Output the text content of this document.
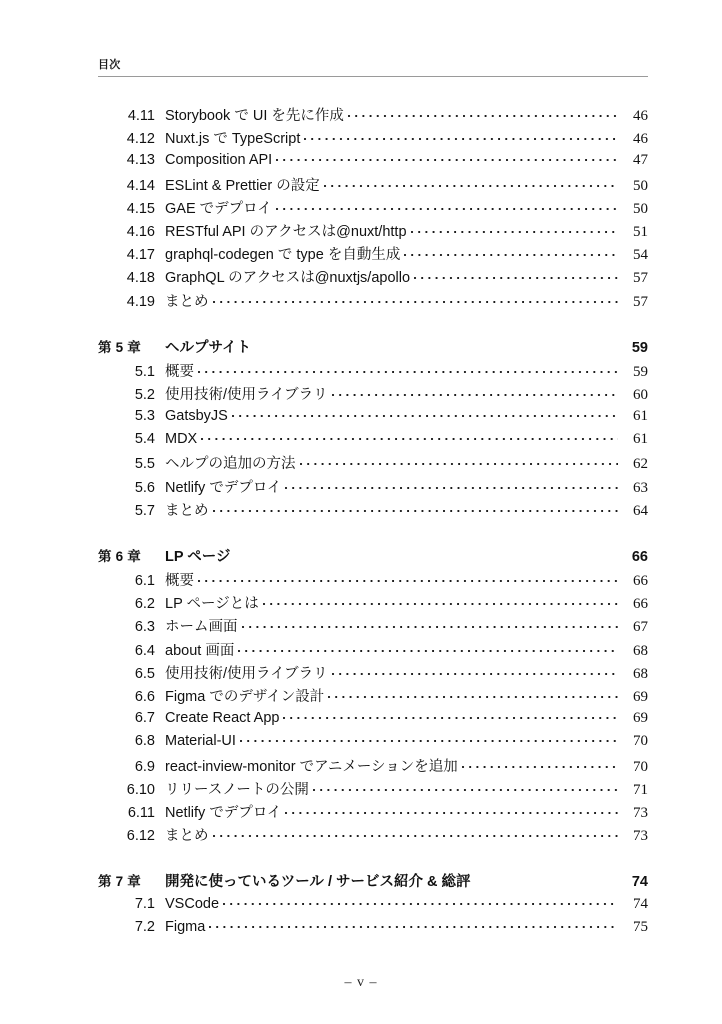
目次
4.11 Storybook で UI を先に作成	46
4.12 Nuxt.js で TypeScript	46
4.13 Composition API	47
4.14 ESLint & Prettier の設定	50
4.15 GAE でデプロイ	50
4.16 RESTful API のアクセスは@nuxt/http	51
4.17 graphql-codegen で type を自動生成	54
4.18 GraphQL のアクセスは@nuxtjs/apollo	57
4.19 まとめ	57
第 5 章	ヘルプサイト	59
5.1 概要	59
5.2 使用技術/使用ライブラリ	60
5.3 GatsbyJS	61
5.4 MDX	61
5.5 ヘルプの追加の方法	62
5.6 Netlify でデプロイ	63
5.7 まとめ	64
第 6 章	LP ページ	66
6.1 概要	66
6.2 LP ページとは	66
6.3 ホーム画面	67
6.4 about 画面	68
6.5 使用技術/使用ライブラリ	68
6.6 Figma でのデザイン設計	69
6.7 Create React App	69
6.8 Material-UI	70
6.9 react-inview-monitor でアニメーションを追加	70
6.10 リリースノートの公開	71
6.11 Netlify でデプロイ	73
6.12 まとめ	73
第 7 章	開発に使っているツール / サービス紹介 & 総評	74
7.1 VSCode	74
7.2 Figma	75
– v –
